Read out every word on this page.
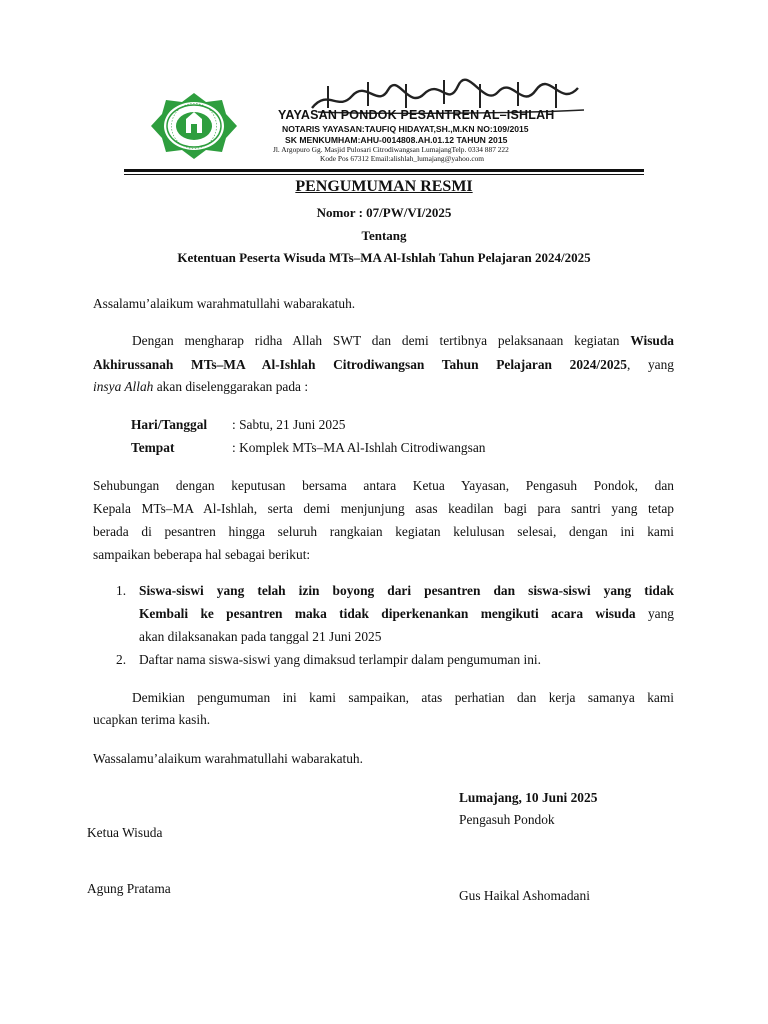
YAYASAN PONDOK PESANTREN AL–ISHLAH
NOTARIS YAYASAN:TAUFIQ HIDAYAT,SH.,M.KN NO:109/2015
SK MENKUMHAM:AHU-0014808.AH.01.12 TAHUN 2015
Jl. Argopuro Gg. Masjid Pulosari Citrodiwangsan LumajangTelp. 0334 887 222
Kode Pos 67312 Email:alishlah_lumajang@yahoo.com
PENGUMUMAN RESMI
Nomor : 07/PW/VI/2025
Tentang
Ketentuan Peserta Wisuda MTs–MA Al-Ishlah Tahun Pelajaran 2024/2025
Assalamu’alaikum warahmatullahi wabarakatuh.
Dengan mengharap ridha Allah SWT dan demi tertibnya pelaksanaan kegiatan Wisuda
Akhirussanah MTs–MA Al-Ishlah Citrodiwangsan Tahun Pelajaran 2024/2025, yang
insya Allah akan diselenggarakan pada :
Hari/Tanggal : Sabtu, 21 Juni 2025
Tempat	: Komplek MTs–MA Al-Ishlah Citrodiwangsan
Sehubungan dengan keputusan bersama antara Ketua Yayasan, Pengasuh Pondok, dan
Kepala MTs–MA Al-Ishlah, serta demi menjunjung asas keadilan bagi para santri yang tetap
berada di pesantren hingga seluruh rangkaian kegiatan kelulusan selesai, dengan ini kami
sampaikan beberapa hal sebagai berikut:
1. Siswa-siswi yang telah izin boyong dari pesantren dan siswa-siswi yang tidak
Kembali ke pesantren maka tidak diperkenankan mengikuti acara wisuda yang
akan dilaksanakan pada tanggal 21 Juni 2025
2. Daftar nama siswa-siswi yang dimaksud terlampir dalam pengumuman ini.
Demikian pengumuman ini kami sampaikan, atas perhatian dan kerja samanya kami
ucapkan terima kasih.
Wassalamu’alaikum warahmatullahi wabarakatuh.
Lumajang, 10 Juni 2025
Pengasuh Pondok
Ketua Wisuda
Agung Pratama	Gus Haikal Ashomadani
